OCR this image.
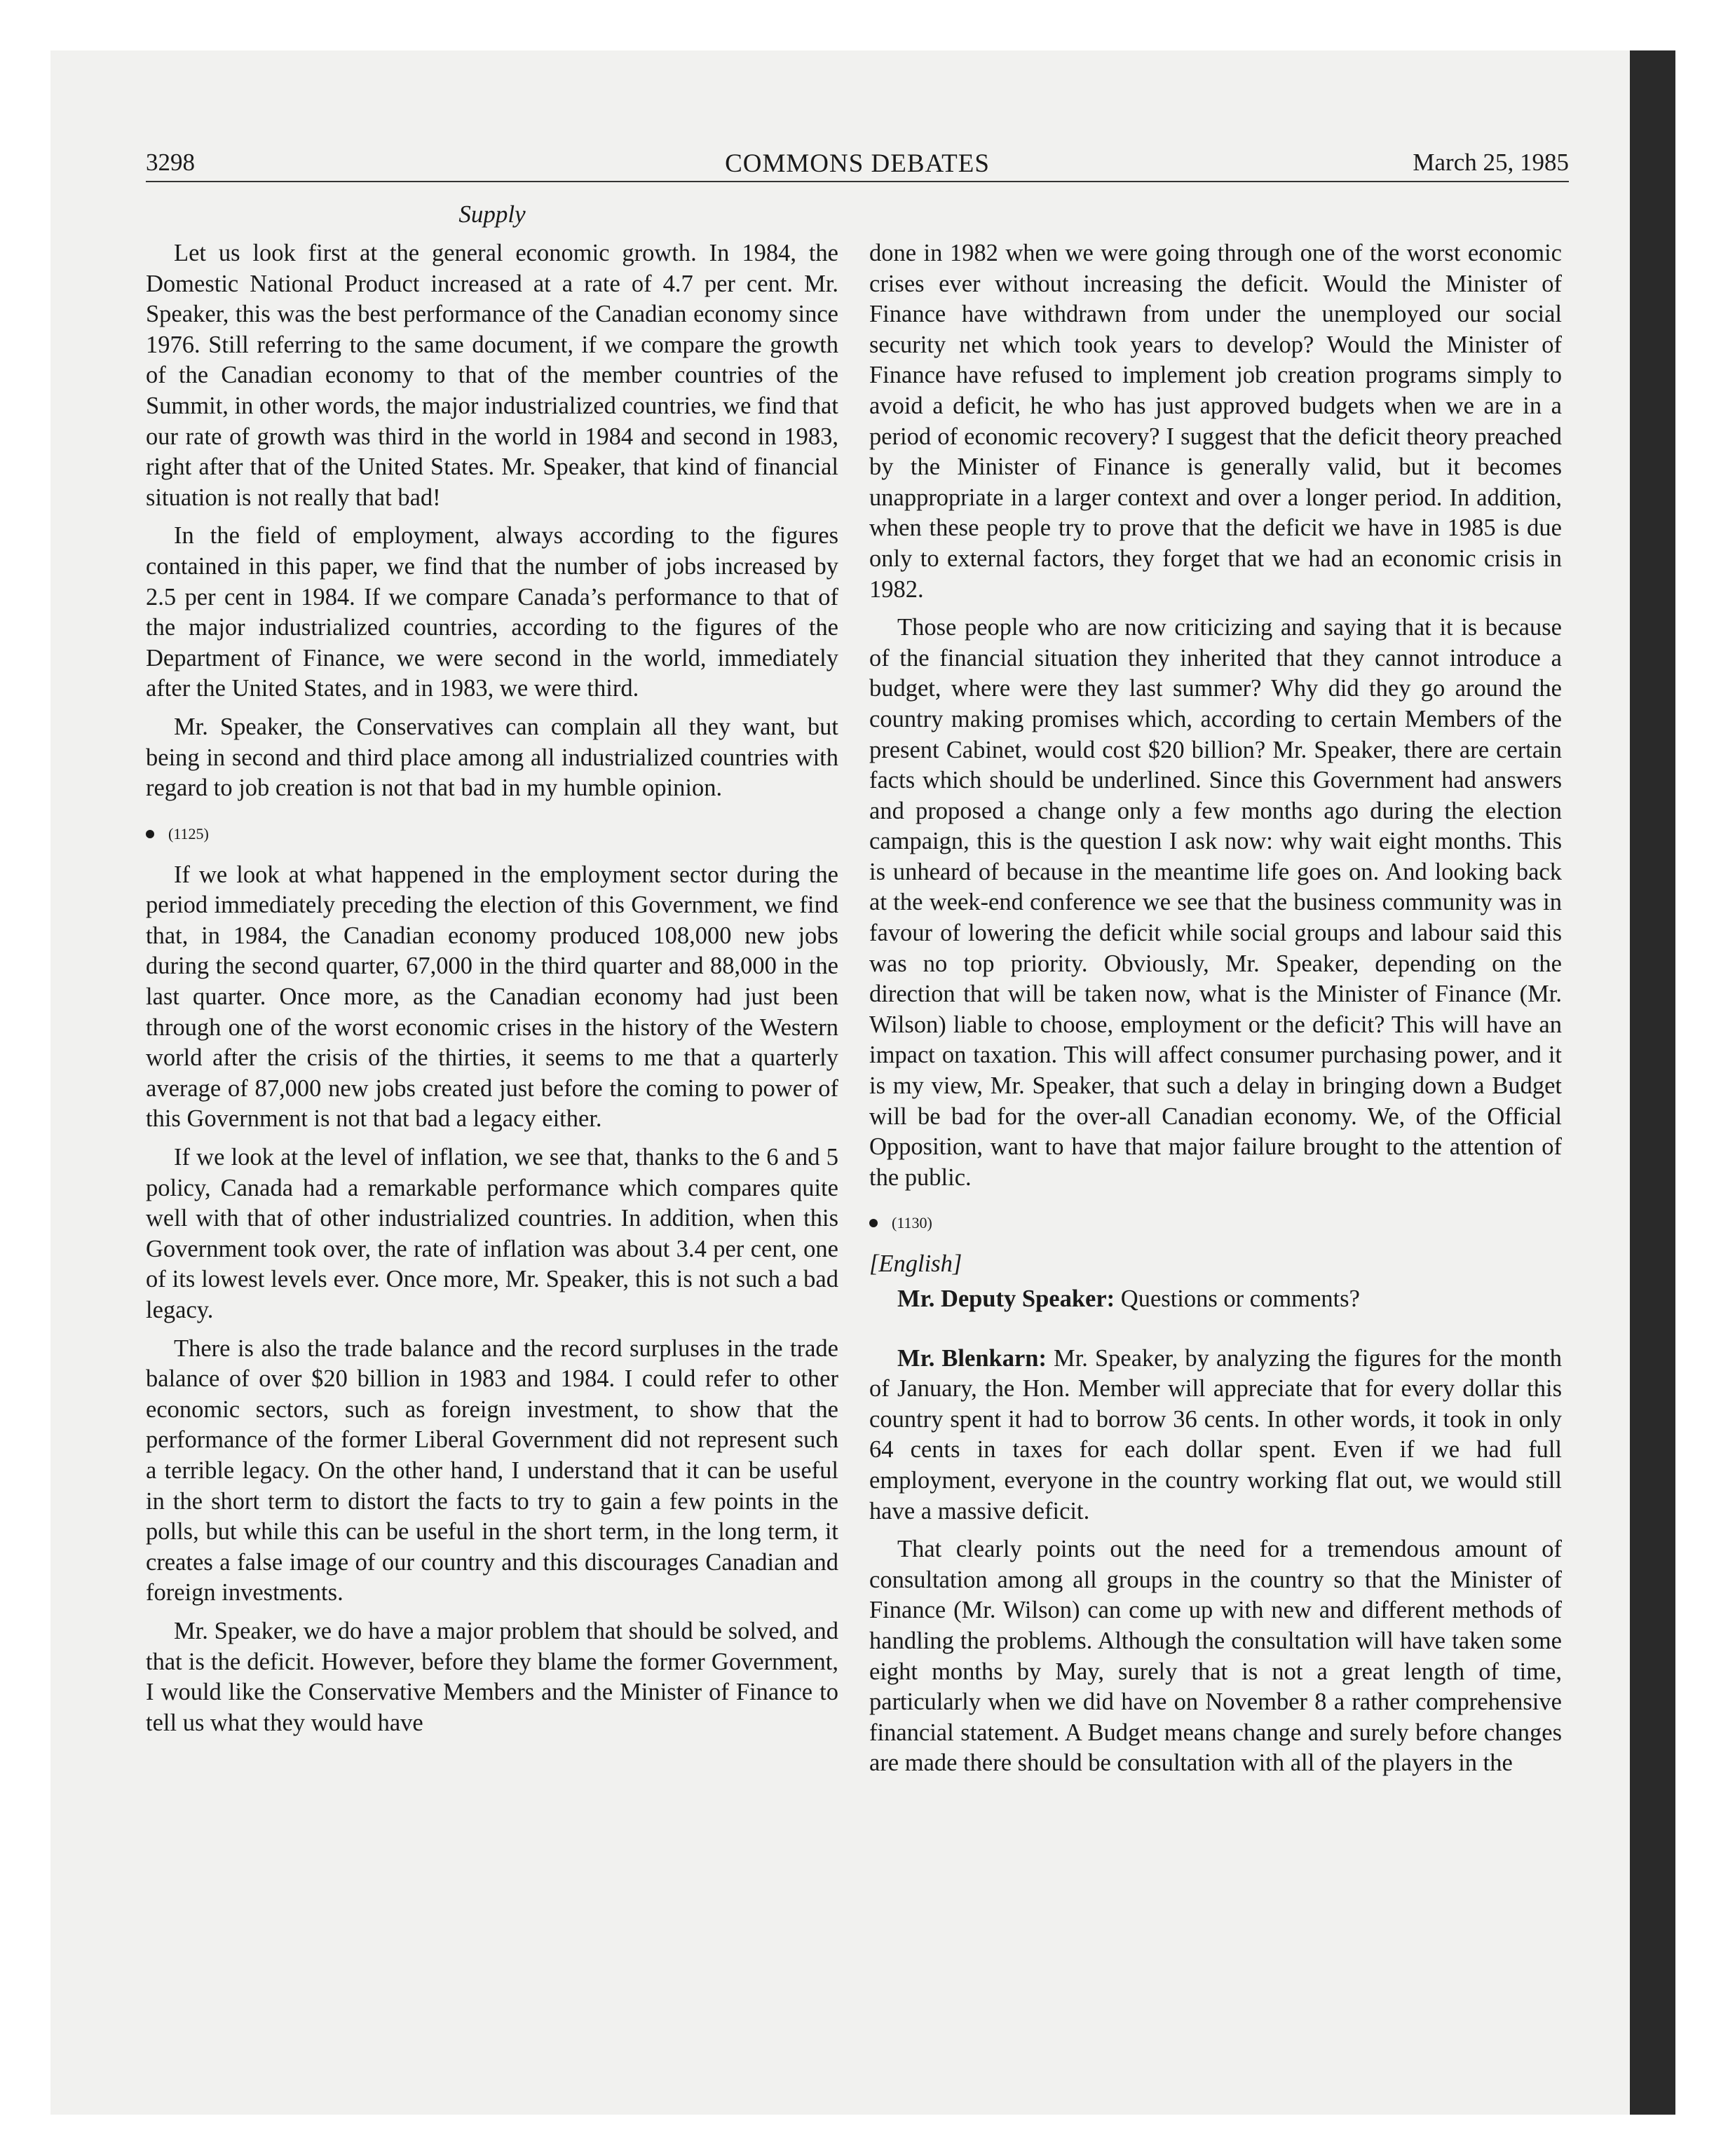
3298	COMMONS DEBATES	March 25, 1985
Supply

Let us look first at the general economic growth. In 1984, the Domestic National Product increased at a rate of 4.7 per cent. Mr. Speaker, this was the best performance of the Canadian economy since 1976. Still referring to the same document, if we compare the growth of the Canadian economy to that of the member countries of the Summit, in other words, the major industrialized countries, we find that our rate of growth was third in the world in 1984 and second in 1983, right after that of the United States. Mr. Speaker, that kind of financial situation is not really that bad!

In the field of employment, always according to the figures contained in this paper, we find that the number of jobs increased by 2.5 per cent in 1984. If we compare Canada’s performance to that of the major industrialized countries, according to the figures of the Department of Finance, we were second in the world, immediately after the United States, and in 1983, we were third.

Mr. Speaker, the Conservatives can complain all they want, but being in second and third place among all industrialized countries with regard to job creation is not that bad in my humble opinion.

(1125)

If we look at what happened in the employment sector during the period immediately preceding the election of this Government, we find that, in 1984, the Canadian economy produced 108,000 new jobs during the second quarter, 67,000 in the third quarter and 88,000 in the last quarter. Once more, as the Canadian economy had just been through one of the worst economic crises in the history of the Western world after the crisis of the thirties, it seems to me that a quarterly average of 87,000 new jobs created just before the coming to power of this Government is not that bad a legacy either.

If we look at the level of inflation, we see that, thanks to the 6 and 5 policy, Canada had a remarkable performance which compares quite well with that of other industrialized countries. In addition, when this Government took over, the rate of inflation was about 3.4 per cent, one of its lowest levels ever. Once more, Mr. Speaker, this is not such a bad legacy.

There is also the trade balance and the record surpluses in the trade balance of over $20 billion in 1983 and 1984. I could refer to other economic sectors, such as foreign investment, to show that the performance of the former Liberal Government did not represent such a terrible legacy. On the other hand, I understand that it can be useful in the short term to distort the facts to try to gain a few points in the polls, but while this can be useful in the short term, in the long term, it creates a false image of our country and this discourages Canadian and foreign investments.

Mr. Speaker, we do have a major problem that should be solved, and that is the deficit. However, before they blame the former Government, I would like the Conservative Members and the Minister of Finance to tell us what they would have

done in 1982 when we were going through one of the worst economic crises ever without increasing the deficit. Would the Minister of Finance have withdrawn from under the unemployed our social security net which took years to develop? Would the Minister of Finance have refused to implement job creation programs simply to avoid a deficit, he who has just approved budgets when we are in a period of economic recovery? I suggest that the deficit theory preached by the Minister of Finance is generally valid, but it becomes unappropriate in a larger context and over a longer period. In addition, when these people try to prove that the deficit we have in 1985 is due only to external factors, they forget that we had an economic crisis in 1982.

Those people who are now criticizing and saying that it is because of the financial situation they inherited that they cannot introduce a budget, where were they last summer? Why did they go around the country making promises which, according to certain Members of the present Cabinet, would cost $20 billion? Mr. Speaker, there are certain facts which should be underlined. Since this Government had answers and proposed a change only a few months ago during the election campaign, this is the question I ask now: why wait eight months. This is unheard of because in the meantime life goes on. And looking back at the week-end conference we see that the business community was in favour of lowering the deficit while social groups and labour said this was no top priority. Obviously, Mr. Speaker, depending on the direction that will be taken now, what is the Minister of Finance (Mr. Wilson) liable to choose, employment or the deficit? This will have an impact on taxation. This will affect consumer purchasing power, and it is my view, Mr. Speaker, that such a delay in bringing down a Budget will be bad for the over-all Canadian economy. We, of the Official Opposition, want to have that major failure brought to the attention of the public.

(1130)
[English]

Mr. Deputy Speaker: Questions or comments?

Mr. Blenkarn: Mr. Speaker, by analyzing the figures for the month of January, the Hon. Member will appreciate that for every dollar this country spent it had to borrow 36 cents. In other words, it took in only 64 cents in taxes for each dollar spent. Even if we had full employment, everyone in the country working flat out, we would still have a massive deficit.

That clearly points out the need for a tremendous amount of consultation among all groups in the country so that the Minister of Finance (Mr. Wilson) can come up with new and different methods of handling the problems. Although the consultation will have taken some eight months by May, surely that is not a great length of time, particularly when we did have on November 8 a rather comprehensive financial statement. A Budget means change and surely before changes are made there should be consultation with all of the players in the
